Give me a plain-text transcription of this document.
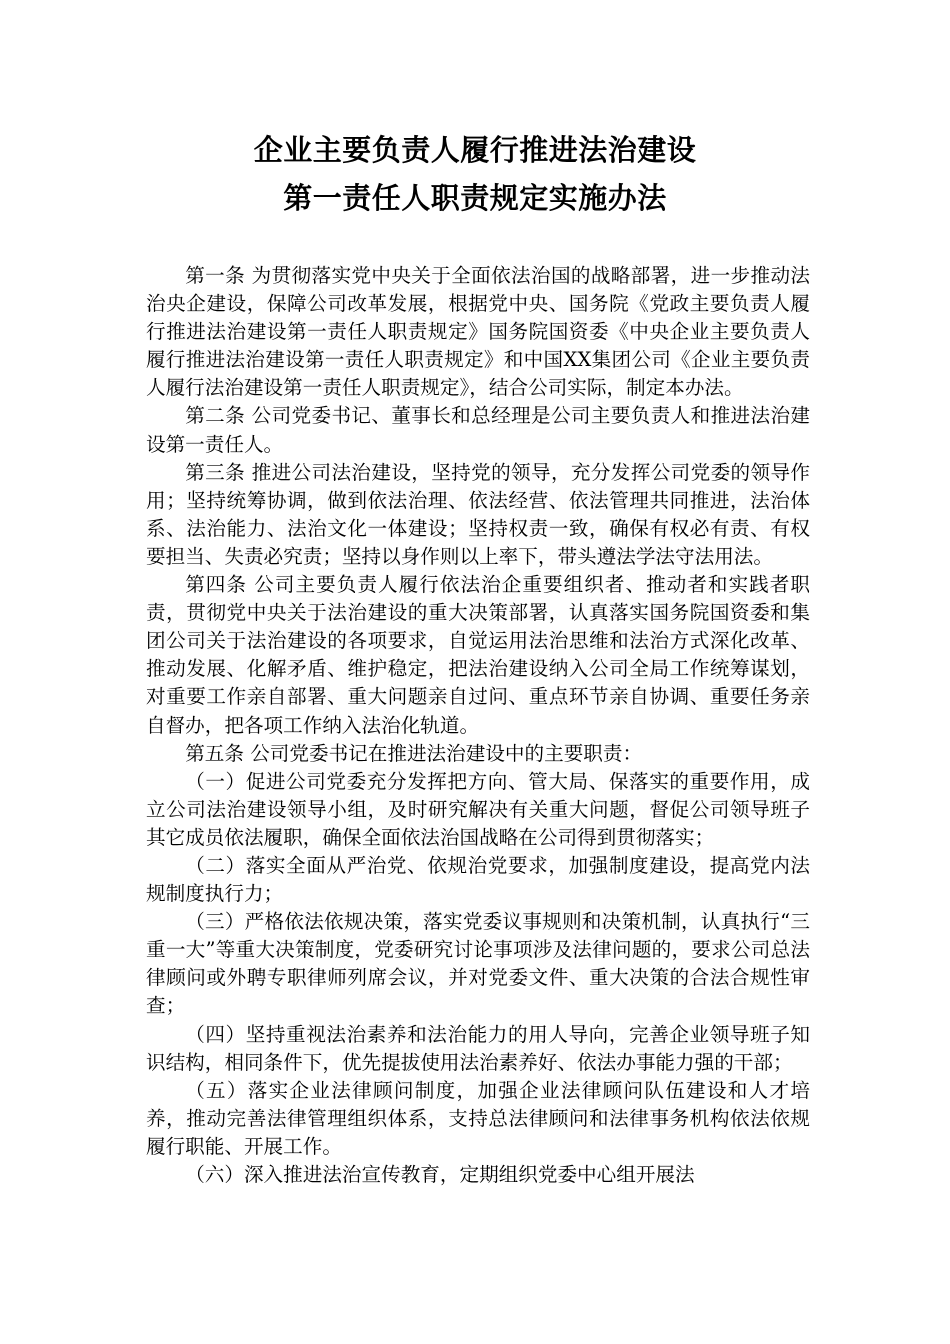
企业主要负责人履行推进法治建设
第一责任人职责规定实施办法

第一条 为贯彻落实党中央关于全面依法治国的战略部署，进一步推动法治央企建设，保障公司改革发展，根据党中央、国务院《党政主要负责人履行推进法治建设第一责任人职责规定》国务院国资委《中央企业主要负责人履行推进法治建设第一责任人职责规定》和中国XX集团公司《企业主要负责人履行法治建设第一责任人职责规定》，结合公司实际，制定本办法。

第二条 公司党委书记、董事长和总经理是公司主要负责人和推进法治建设第一责任人。

第三条 推进公司法治建设，坚持党的领导，充分发挥公司党委的领导作用；坚持统筹协调，做到依法治理、依法经营、依法管理共同推进，法治体系、法治能力、法治文化一体建设；坚持权责一致，确保有权必有责、有权要担当、失责必究责；坚持以身作则以上率下，带头遵法学法守法用法。

第四条 公司主要负责人履行依法治企重要组织者、推动者和实践者职责，贯彻党中央关于法治建设的重大决策部署，认真落实国务院国资委和集团公司关于法治建设的各项要求，自觉运用法治思维和法治方式深化改革、推动发展、化解矛盾、维护稳定，把法治建设纳入公司全局工作统筹谋划，对重要工作亲自部署、重大问题亲自过问、重点环节亲自协调、重要任务亲自督办，把各项工作纳入法治化轨道。

第五条 公司党委书记在推进法治建设中的主要职责：

（一）促进公司党委充分发挥把方向、管大局、保落实的重要作用，成立公司法治建设领导小组，及时研究解决有关重大问题，督促公司领导班子其它成员依法履职，确保全面依法治国战略在公司得到贯彻落实；

（二）落实全面从严治党、依规治党要求，加强制度建设，提高党内法规制度执行力；

（三）严格依法依规决策，落实党委议事规则和决策机制，认真执行“三重一大”等重大决策制度，党委研究讨论事项涉及法律问题的，要求公司总法律顾问或外聘专职律师列席会议，并对党委文件、重大决策的合法合规性审查；

（四）坚持重视法治素养和法治能力的用人导向，完善企业领导班子知识结构，相同条件下，优先提拔使用法治素养好、依法办事能力强的干部；

（五）落实企业法律顾问制度，加强企业法律顾问队伍建设和人才培养，推动完善法律管理组织体系，支持总法律顾问和法律事务机构依法依规履行职能、开展工作。

（六）深入推进法治宣传教育，定期组织党委中心组开展法
